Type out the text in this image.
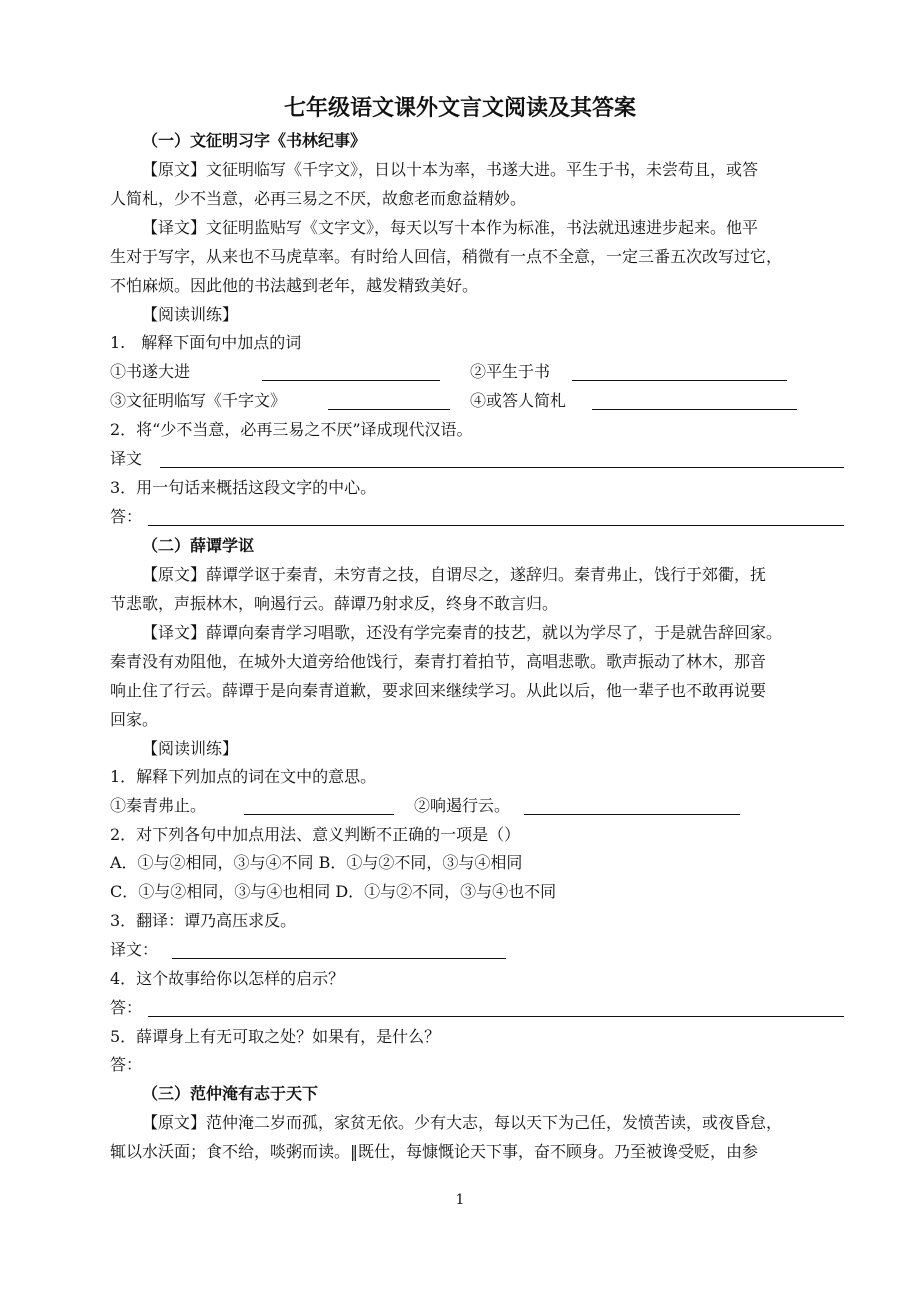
七年级语文课外文言文阅读及其答案
（一）文征明习字《书林纪事》
【原文】文征明临写《千字文》，日以十本为率，书遂大进。平生于书，未尝苟且，或答
人简札，少不当意，必再三易之不厌，故愈老而愈益精妙。
【译文】文征明监贴写《文字文》，每天以写十本作为标准，书法就迅速进步起来。他平
生对于写字，从来也不马虎草率。有时给人回信，稍微有一点不全意，一定三番五次改写过它，
不怕麻烦。因此他的书法越到老年，越发精致美好。
【阅读训练】
1.　解释下面句中加点的词
①书遂大进	②平生于书
③文征明临写《千字文》	④或答人简札
2．将“少不当意，必再三易之不厌”译成现代汉语。
译文
3．用一句话来概括这段文字的中心。
答：
（二）薛谭学讴
【原文】薛谭学讴于秦青，未穷青之技，自谓尽之，遂辞归。秦青弗止，饯行于郊衢，抚
节悲歌，声振林木，响遏行云。薛谭乃射求反，终身不敢言归。
【译文】薛谭向秦青学习唱歌，还没有学完秦青的技艺，就以为学尽了，于是就告辞回家。
秦青没有劝阻他，在城外大道旁给他饯行，秦青打着拍节，高唱悲歌。歌声振动了林木，那音
响止住了行云。薛谭于是向秦青道歉，要求回来继续学习。从此以后，他一辈子也不敢再说要
回家。
【阅读训练】
1．解释下列加点的词在文中的意思。
①秦青弗止。	②响遏行云。
2．对下列各句中加点用法、意义判断不正确的一项是（）
A．①与②相同，③与④不同 B．①与②不同，③与④相同
C．①与②相同，③与④也相同 D．①与②不同，③与④也不同
3．翻译：谭乃高压求反。
译文：
4．这个故事给你以怎样的启示？
答：
5．薛谭身上有无可取之处？如果有，是什么？
答：
（三）范仲淹有志于天下
【原文】范仲淹二岁而孤，家贫无依。少有大志，每以天下为己任，发愤苦读，或夜昏怠，
辄以水沃面；食不给，啖粥而读。‖既仕，每慷慨论天下事，奋不顾身。乃至被谗受贬，由参
1
